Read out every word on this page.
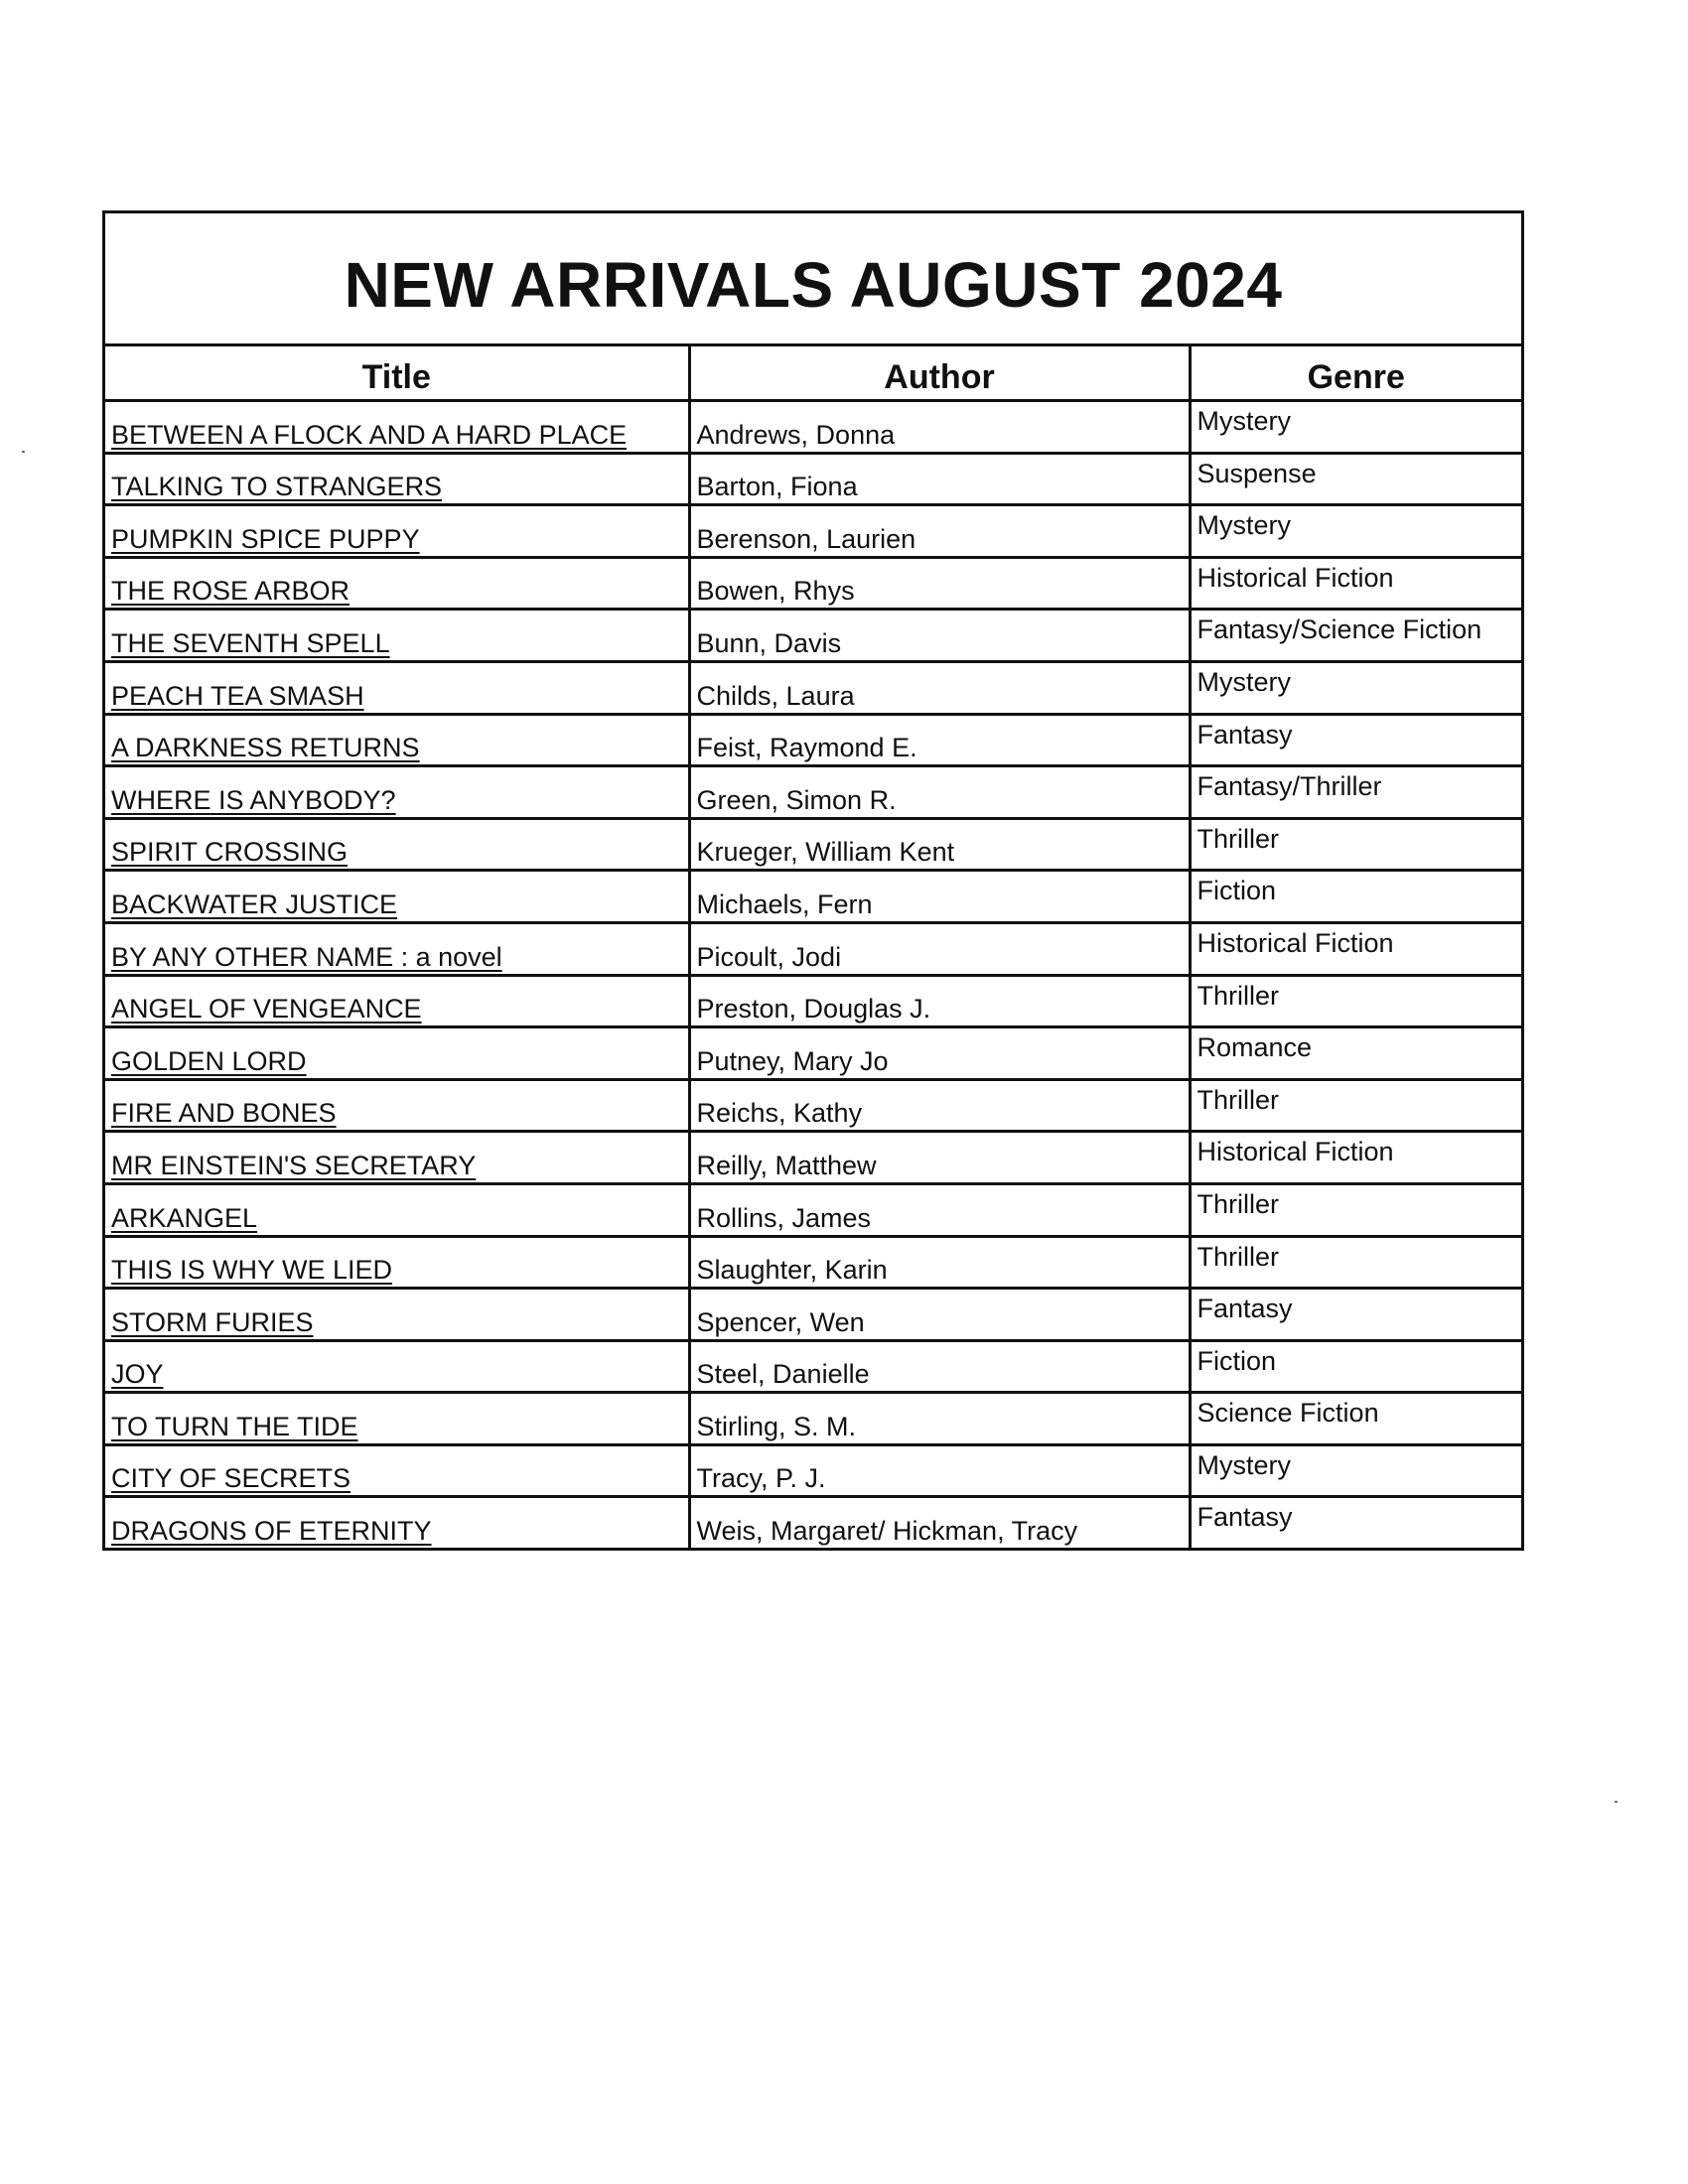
NEW ARRIVALS AUGUST 2024
Title	Author	Genre
BETWEEN A FLOCK AND A HARD PLACE	Andrews, Donna	Mystery
TALKING TO STRANGERS	Barton, Fiona	Suspense
PUMPKIN SPICE PUPPY	Berenson, Laurien	Mystery
THE ROSE ARBOR	Bowen, Rhys	Historical Fiction
THE SEVENTH SPELL	Bunn, Davis	Fantasy/Science Fiction
PEACH TEA SMASH	Childs, Laura	Mystery
A DARKNESS RETURNS	Feist, Raymond E.	Fantasy
WHERE IS ANYBODY?	Green, Simon R.	Fantasy/Thriller
SPIRIT CROSSING	Krueger, William Kent	Thriller
BACKWATER JUSTICE	Michaels, Fern	Fiction
BY ANY OTHER NAME : a novel	Picoult, Jodi	Historical Fiction
ANGEL OF VENGEANCE	Preston, Douglas J.	Thriller
GOLDEN LORD	Putney, Mary Jo	Romance
FIRE AND BONES	Reichs, Kathy	Thriller
MR EINSTEIN'S SECRETARY	Reilly, Matthew	Historical Fiction
ARKANGEL	Rollins, James	Thriller
THIS IS WHY WE LIED	Slaughter, Karin	Thriller
STORM FURIES	Spencer, Wen	Fantasy
JOY	Steel, Danielle	Fiction
TO TURN THE TIDE	Stirling, S. M.	Science Fiction
CITY OF SECRETS	Tracy, P. J.	Mystery
DRAGONS OF ETERNITY	Weis, Margaret/ Hickman, Tracy	Fantasy
